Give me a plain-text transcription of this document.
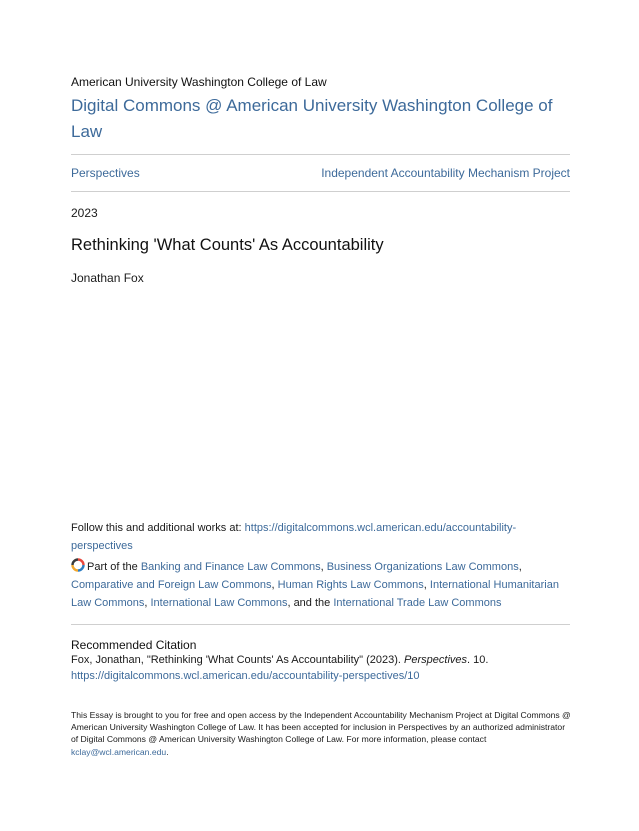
American University Washington College of Law
Digital Commons @ American University Washington College of Law
Perspectives	Independent Accountability Mechanism Project
2023
Rethinking 'What Counts' As Accountability
Jonathan Fox
Follow this and additional works at: https://digitalcommons.wcl.american.edu/accountability-perspectives
Part of the Banking and Finance Law Commons, Business Organizations Law Commons, Comparative and Foreign Law Commons, Human Rights Law Commons, International Humanitarian Law Commons, International Law Commons, and the International Trade Law Commons
Recommended Citation
Fox, Jonathan, "Rethinking 'What Counts' As Accountability" (2023). Perspectives. 10.
https://digitalcommons.wcl.american.edu/accountability-perspectives/10
This Essay is brought to you for free and open access by the Independent Accountability Mechanism Project at Digital Commons @ American University Washington College of Law. It has been accepted for inclusion in Perspectives by an authorized administrator of Digital Commons @ American University Washington College of Law. For more information, please contact kclay@wcl.american.edu.
